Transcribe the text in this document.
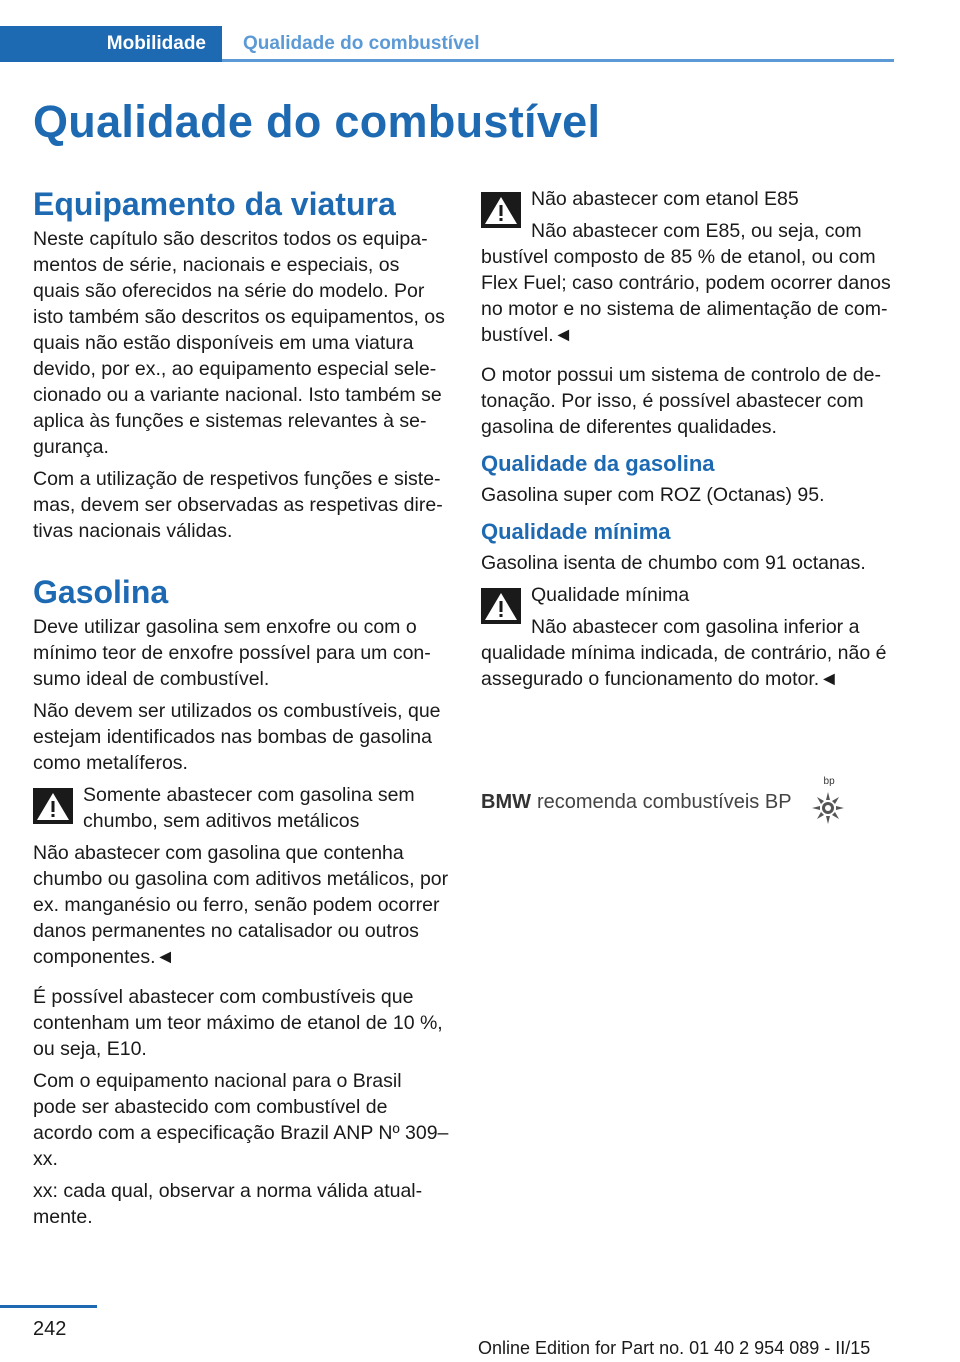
Mobilidade	Qualidade do combustível
Qualidade do combustível
Equipamento da viatura

Neste capítulo são descritos todos os equipamentos de série, nacionais e especiais, os quais são oferecidos na série do modelo. Por isto também são descritos os equipamentos, os quais não estão disponíveis em uma viatura devido, por ex., ao equipamento especial selecionado ou a variante nacional. Isto também se aplica às funções e sistemas relevantes à segurança.

Com a utilização de respetivos funções e sistemas, devem ser observadas as respetivas diretivas nacionais válidas.

Gasolina

Deve utilizar gasolina sem enxofre ou com o mínimo teor de enxofre possível para um consumo ideal de combustível.

Não devem ser utilizados os combustíveis, que estejam identificados nas bombas de gasolina como metalíferos.

Somente abastecer com gasolina sem chumbo, sem aditivos metálicos

Não abastecer com gasolina que contenha chumbo ou gasolina com aditivos metálicos, por ex. manganésio ou ferro, senão podem ocorrer danos permanentes no catalisador ou outros componentes.◄

É possível abastecer com combustíveis que contenham um teor máximo de etanol de 10 %, ou seja, E10.

Com o equipamento nacional para o Brasil pode ser abastecido com combustível de acordo com a especificação Brazil ANP Nº 309–xx.

xx: cada qual, observar a norma válida atualmente.

Não abastecer com etanol E85

Não abastecer com E85, ou seja, com
bustível composto de 85 % de etanol, ou com Flex Fuel; caso contrário, podem ocorrer danos no motor e no sistema de alimentação de combustível.◄

O motor possui um sistema de controlo de detonação. Por isso, é possível abastecer com gasolina de diferentes qualidades.

Qualidade da gasolina

Gasolina super com ROZ (Octanas) 95.

Qualidade mínima

Gasolina isenta de chumbo com 91 octanas.

Qualidade mínima

Não abastecer com gasolina inferior a
qualidade mínima indicada, de contrário, não é assegurado o funcionamento do motor.◄

BMW recomenda combustíveis BP
bp
242
Online Edition for Part no. 01 40 2 954 089 - II/15
